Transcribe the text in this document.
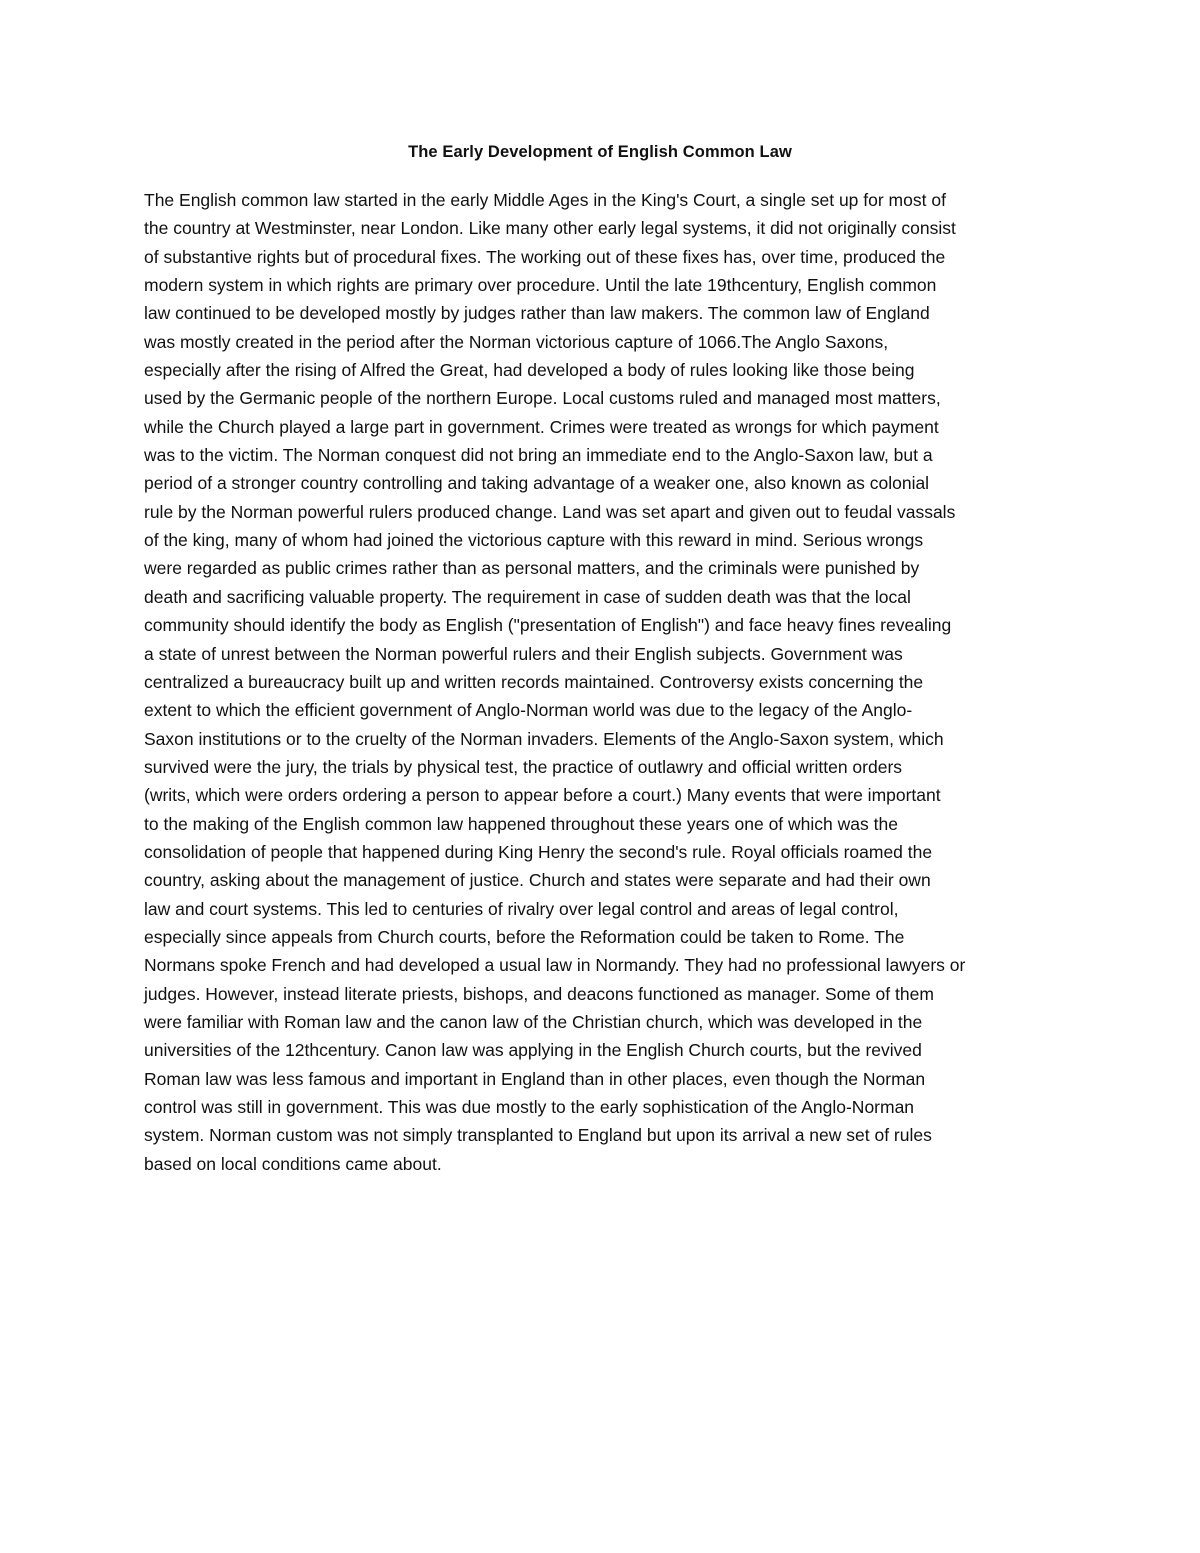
The Early Development of English Common Law
The English common law started in the early Middle Ages in the King's Court, a single set up for most of
the country at Westminster, near London. Like many other early legal systems, it did not originally consist
of substantive rights but of procedural fixes. The working out of these fixes has, over time, produced the
modern system in which rights are primary over procedure. Until the late 19thcentury, English common
law continued to be developed mostly by judges rather than law makers. The common law of England
was mostly created in the period after the Norman victorious capture of 1066.The Anglo Saxons,
especially after the rising of Alfred the Great, had developed a body of rules looking like those being
used by the Germanic people of the northern Europe. Local customs ruled and managed most matters,
while the Church played a large part in government. Crimes were treated as wrongs for which payment
was to the victim. The Norman conquest did not bring an immediate end to the Anglo-Saxon law, but a
period of a stronger country controlling and taking advantage of a weaker one, also known as colonial
rule by the Norman powerful rulers produced change. Land was set apart and given out to feudal vassals
of the king, many of whom had joined the victorious capture with this reward in mind. Serious wrongs
were regarded as public crimes rather than as personal matters, and the criminals were punished by
death and sacrificing valuable property. The requirement in case of sudden death was that the local
community should identify the body as English ("presentation of English") and face heavy fines revealing
a state of unrest between the Norman powerful rulers and their English subjects. Government was
centralized a bureaucracy built up and written records maintained. Controversy exists concerning the
extent to which the efficient government of Anglo-Norman world was due to the legacy of the Anglo-
Saxon institutions or to the cruelty of the Norman invaders. Elements of the Anglo-Saxon system, which
survived were the jury, the trials by physical test, the practice of outlawry and official written orders
(writs, which were orders ordering a person to appear before a court.) Many events that were important
to the making of the English common law happened throughout these years one of which was the
consolidation of people that happened during King Henry the second's rule. Royal officials roamed the
country, asking about the management of justice. Church and states were separate and had their own
law and court systems. This led to centuries of rivalry over legal control and areas of legal control,
especially since appeals from Church courts, before the Reformation could be taken to Rome. The
Normans spoke French and had developed a usual law in Normandy. They had no professional lawyers or
judges. However, instead literate priests, bishops, and deacons functioned as manager. Some of them
were familiar with Roman law and the canon law of the Christian church, which was developed in the
universities of the 12thcentury. Canon law was applying in the English Church courts, but the revived
Roman law was less famous and important in England than in other places, even though the Norman
control was still in government. This was due mostly to the early sophistication of the Anglo-Norman
system. Norman custom was not simply transplanted to England but upon its arrival a new set of rules
based on local conditions came about.
